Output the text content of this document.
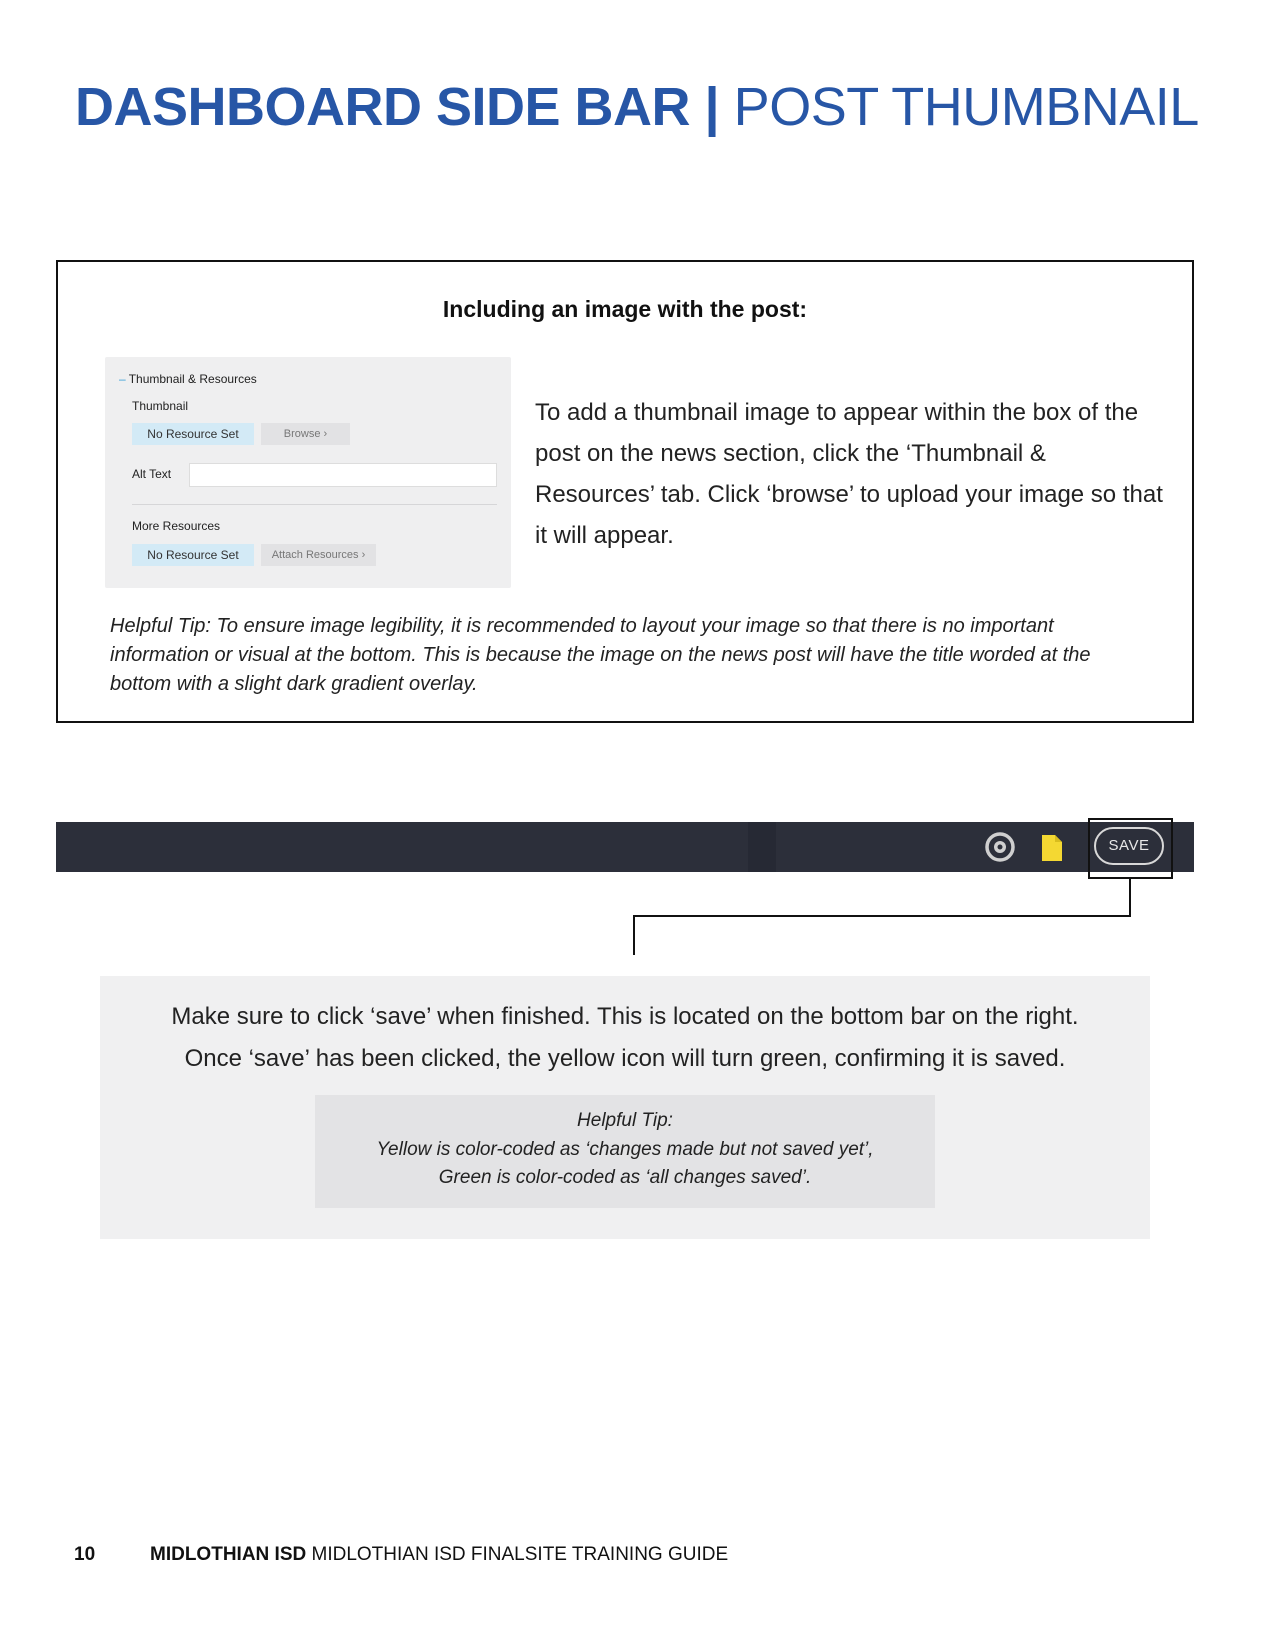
DASHBOARD SIDE BAR | POST THUMBNAIL
Including an image with the post:
– Thumbnail & Resources
Thumbnail
No Resource Set	Browse ›
Alt Text
More Resources
No Resource Set	Attach Resources ›
To add a thumbnail image to appear within the box of the post on the news section, click the ‘Thumbnail & Resources’ tab. Click ‘browse’ to upload your image so that it will appear.
Helpful Tip: To ensure image legibility, it is recommended to layout your image so that there is no important information or visual at the bottom. This is because the image on the news post will have the title worded at the bottom with a slight dark gradient overlay.
SAVE
Make sure to click ‘save’ when finished. This is located on the bottom bar on the right.
Once ‘save’ has been clicked, the yellow icon will turn green, confirming it is saved.
Helpful Tip:
Yellow is color-coded as ‘changes made but not saved yet’,
Green is color-coded as ‘all changes saved’.
10	MIDLOTHIAN ISD MIDLOTHIAN ISD FINALSITE TRAINING GUIDE
